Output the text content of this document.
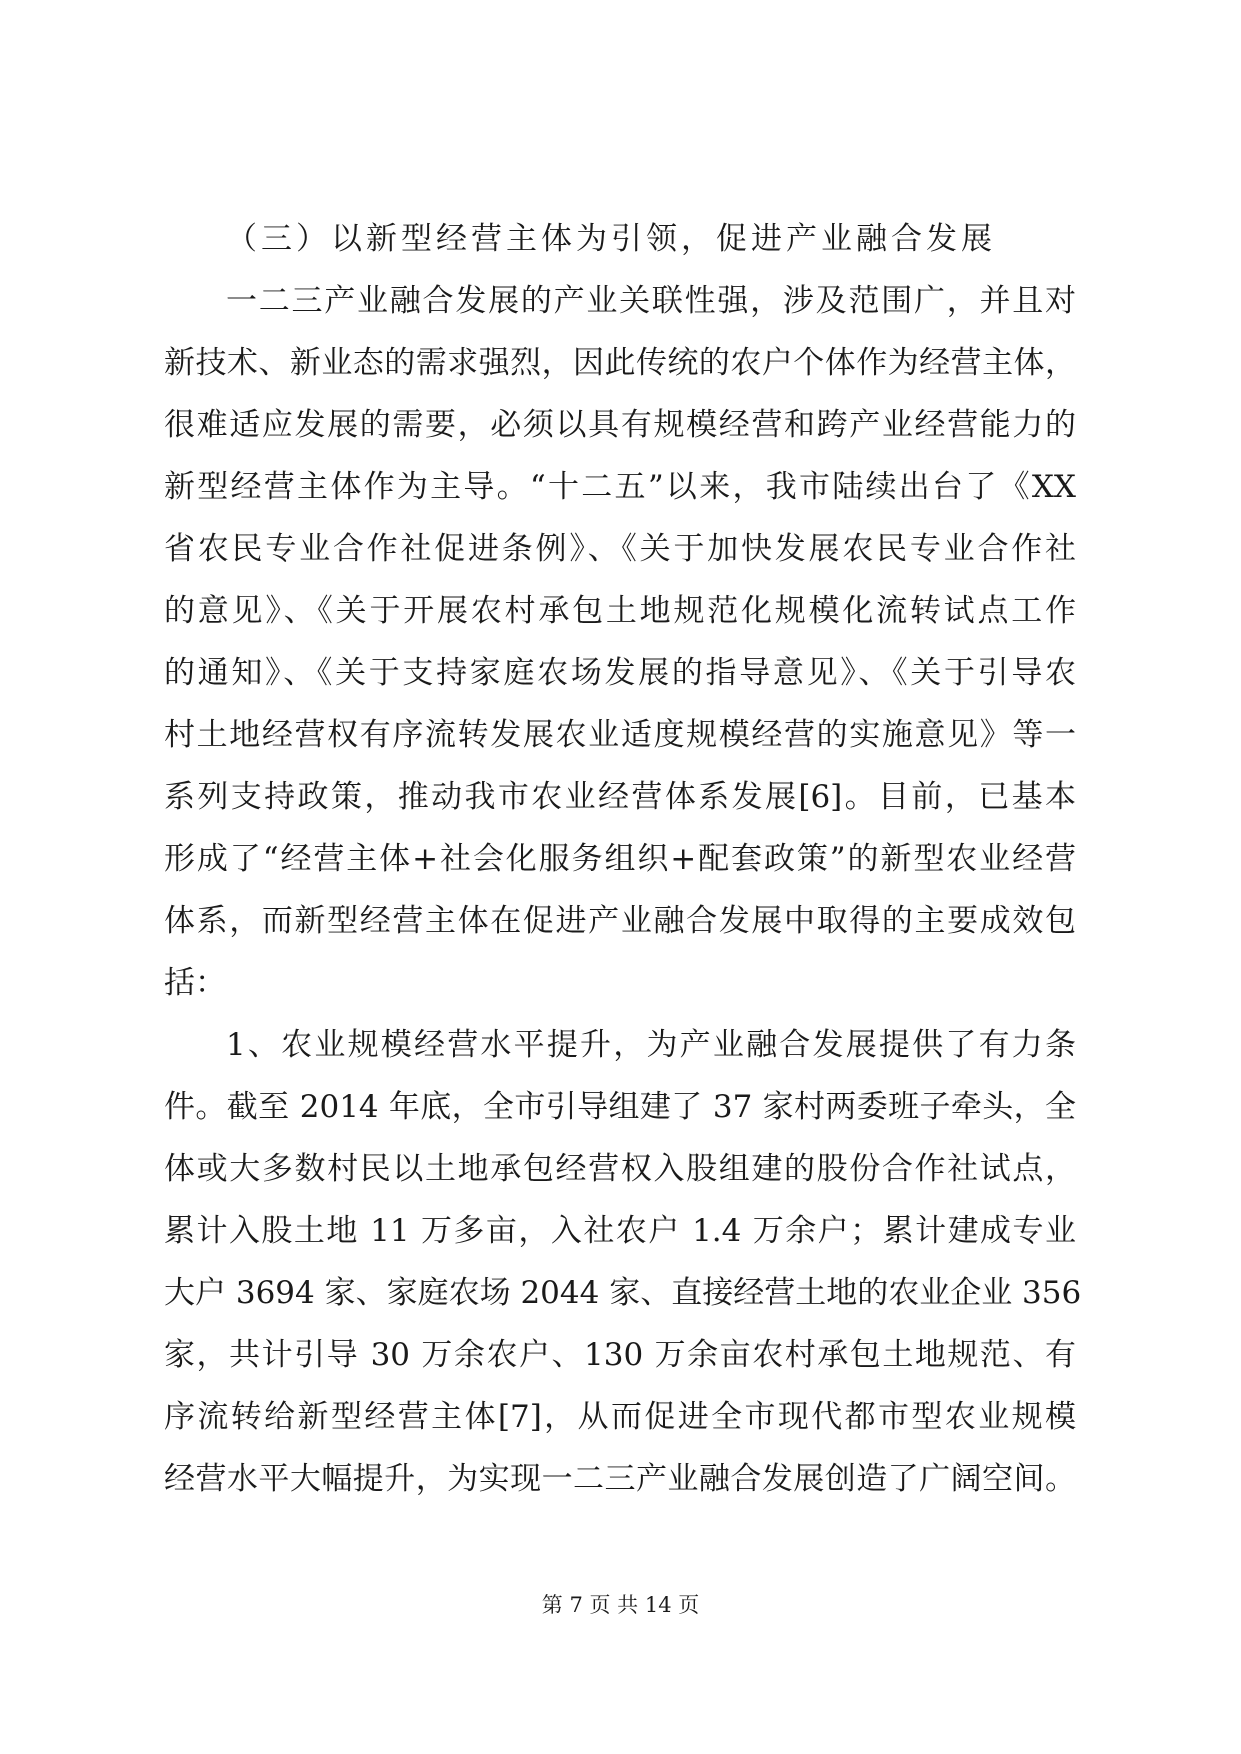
（三）以新型经营主体为引领，促进产业融合发展
一二三产业融合发展的产业关联性强，涉及范围广，并且对
新技术、新业态的需求强烈，因此传统的农户个体作为经营主体，
很难适应发展的需要，必须以具有规模经营和跨产业经营能力的
新型经营主体作为主导。“十二五”以来，我市陆续出台了《XX
省农民专业合作社促进条例》、《关于加快发展农民专业合作社
的意见》、《关于开展农村承包土地规范化规模化流转试点工作
的通知》、《关于支持家庭农场发展的指导意见》、《关于引导农
村土地经营权有序流转发展农业适度规模经营的实施意见》等一
系列支持政策，推动我市农业经营体系发展[6]。目前，已基本
形成了“经营主体+社会化服务组织+配套政策”的新型农业经营
体系，而新型经营主体在促进产业融合发展中取得的主要成效包
括：
1、农业规模经营水平提升，为产业融合发展提供了有力条
件。截至 2014 年底，全市引导组建了 37 家村两委班子牵头，全
体或大多数村民以土地承包经营权入股组建的股份合作社试点，
累计入股土地 11 万多亩，入社农户 1.4 万余户；累计建成专业
大户 3694 家、家庭农场 2044 家、直接经营土地的农业企业 356
家，共计引导 30 万余农户、130 万余亩农村承包土地规范、有
序流转给新型经营主体[7]，从而促进全市现代都市型农业规模
经营水平大幅提升，为实现一二三产业融合发展创造了广阔空间。
第 7 页 共 14 页
